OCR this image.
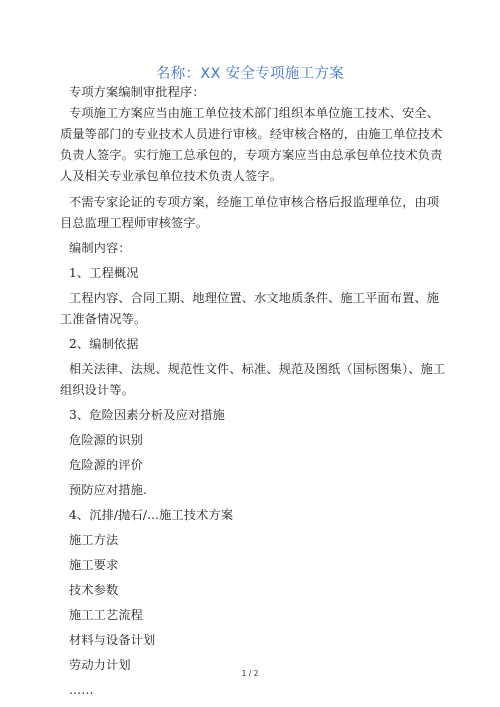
名称：XX 安全专项施工方案

专项方案编制审批程序：

专项施工方案应当由施工单位技术部门组织本单位施工技术、安全、质量等部门的专业技术人员进行审核。经审核合格的，由施工单位技术负责人签字。实行施工总承包的，专项方案应当由总承包单位技术负责人及相关专业承包单位技术负责人签字。

不需专家论证的专项方案，经施工单位审核合格后报监理单位，由项目总监理工程师审核签字。

编制内容：

1、工程概况

工程内容、合同工期、地理位置、水文地质条件、施工平面布置、施工准备情况等。

2、编制依据

相关法律、法规、规范性文件、标准、规范及图纸（国标图集）、施工组织设计等。

3、危险因素分析及应对措施

危险源的识别

危险源的评价

预防应对措施.

4、沉排/抛石/...施工技术方案

施工方法

施工要求

技术参数

施工工艺流程

材料与设备计划

劳动力计划

……

1 / 2
